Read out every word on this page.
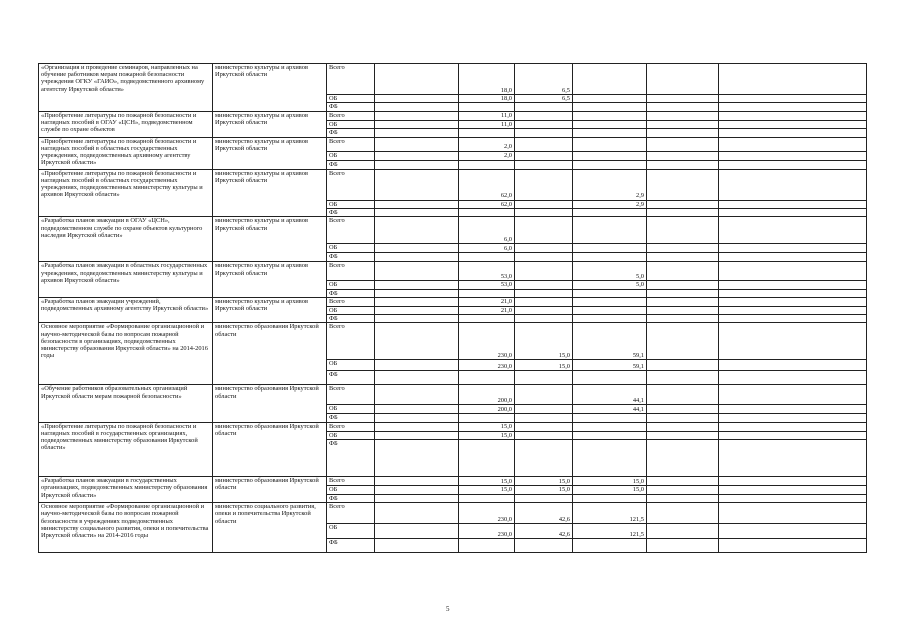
«Организация и проведение семинаров, направленных на обучение работников мерам пожарной безопасности учреждения ОГКУ «ГАИО», подведомственного архивному агентству Иркутской области»	министерство культуры и архивов Иркутской области	Всего		18,0	6,5			
		ОБ		18,0	6,5			
		ФБ						
«Приобретение литературы по пожарной безопасности и наглядных пособий в ОГАУ «ЦСН», подведомственном службе по охране объектов	министерство культуры и архивов Иркутской области	Всего		11,0				
		ОБ		11,0				
		ФБ						
«Приобретение литературы по пожарной безопасности и наглядных пособий в областных государственных учреждениях, подведомственных архивному агентству Иркутской области»	министерство культуры и архивов Иркутской области	Всего		2,0				
		ОБ		2,0				
		ФБ						
«Приобретение литературы по пожарной безопасности и наглядных пособий в областных государственных учреждениях, подведомственных министерству культуры и архивов Иркутской области»	министерство культуры и архивов Иркутской области	Всего		62,0		2,9		
		ОБ		62,0		2,9		
		ФБ						
«Разработка планов эвакуации в ОГАУ «ЦСН», подведомственном службе по охране объектов культурного наследия Иркутской области»	министерство культуры и архивов Иркутской области	Всего		6,0				
		ОБ		6,0				
		ФБ						
«Разработка планов эвакуации в областных государственных учреждениях, подведомственных министерству культуры и архивов Иркутской области»	министерство культуры и архивов Иркутской области	Всего		53,0		5,0		
		ОБ		53,0		5,0		
		ФБ						
«Разработка планов эвакуации учреждений, подведомственных архивному агентству Иркутской области»	министерство культуры и архивов Иркутской области	Всего		21,0				
		ОБ		21,0				
		ФБ						
Основное мероприятие «Формирование организационной и научно-методической базы по вопросам пожарной безопасности в организациях, подведомственных министерству образования Иркутской области» на 2014-2016 годы	министерство образования Иркутской области	Всего		230,0	15,0	59,1		
		ОБ		230,0	15,0	59,1		
		ФБ						
«Обучение работников образовательных организаций Иркутской области мерам пожарной безопасности»	министерство образования Иркутской области	Всего		200,0		44,1		
		ОБ		200,0		44,1		
		ФБ						
«Приобретение литературы по пожарной безопасности и наглядных пособий в государственных организациях, подведомственных министерству образования Иркутской области»	министерство образования Иркутской области	Всего		15,0				
		ОБ		15,0				
		ФБ						
«Разработка планов эвакуации в государственных организациях, подведомственных министерству образования Иркутской области»	министерство образования Иркутской области	Всего		15,0	15,0	15,0		
		ОБ		15,0	15,0	15,0		
		ФБ						
Основное мероприятие «Формирование организационной и научно-методической базы по вопросам пожарной безопасности в учреждениях подведомственных министерству социального развития, опеки и попечительства Иркутской области» на 2014-2016 годы	министерство социального развития, опеки и попечительства Иркутской области	Всего		230,0	42,6	121,5		
		ОБ		230,0	42,6	121,5		
		ФБ						
5
